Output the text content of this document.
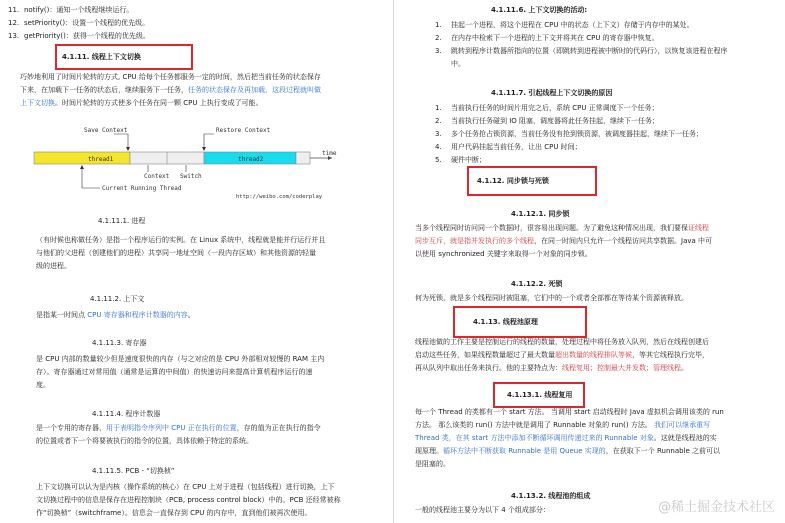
11. notify()：通知一个线程继续运行。
12. setPriority()：设置一个线程的优先级。
13. getPriority()：获得一个线程的优先级。
4.1.11. 线程上下文切换
巧妙地利用了时间片轮转的方式, CPU 给每个任务都服务一定的时间，然后把当前任务的状态保存
下来，在加载下一任务的状态后，继续服务下一任务，任务的状态保存及再加载，这段过程就叫做
上下文切换。时间片轮转的方式使多个任务在同一颗 CPU 上执行变成了可能。
thread1	thread2
time
Save Context	Restore Context
Context Switch
Current Running Thread
http://weibo.com/coderplay
4.1.11.1. 进程
（有时候也称做任务）是指一个程序运行的实例。在 Linux 系统中，线程就是能并行运行并且
与他们的父进程（创建他们的进程）共享同一地址空间（一段内存区域）和其他资源的轻量
级的进程。
4.1.11.2. 上下文
是指某一时间点 CPU 寄存器和程序计数器的内容。
4.1.11.3. 寄存器
是 CPU 内部的数量较少但是速度很快的内存（与之对应的是 CPU 外部相对较慢的 RAM 主内
存）。寄存器通过对常用值（通常是运算的中间值）的快速访问来提高计算机程序运行的速
度。
4.1.11.4. 程序计数器
是一个专用的寄存器，用于表明指令序列中 CPU 正在执行的位置，存的值为正在执行的指令
的位置或者下一个将要被执行的指令的位置，具体依赖于特定的系统。
4.1.11.5. PCB - “切换桢”
上下文切换可以认为是内核（操作系统的核心）在 CPU 上对于进程（包括线程）进行切换，上下
文切换过程中的信息是保存在进程控制块（PCB, process control block）中的。PCB 还经常被称
作“切换桢”（switchframe）。信息会一直保存到 CPU 的内存中，直到他们被再次使用。
4.1.11.6. 上下文切换的活动:
1. 挂起一个进程，将这个进程在 CPU 中的状态（上下文）存储于内存中的某处。
2. 在内存中检索下一个进程的上下文并将其在 CPU 的寄存器中恢复。
3. 跳转到程序计数器所指向的位置（即跳转到进程被中断时的代码行），以恢复该进程在程序
中。
4.1.11.7. 引起线程上下文切换的原因
1. 当前执行任务的时间片用完之后，系统 CPU 正常调度下一个任务；
2. 当前执行任务碰到 IO 阻塞，调度器将此任务挂起，继续下一任务；
3. 多个任务抢占锁资源，当前任务没有抢到锁资源，被调度器挂起，继续下一任务；
4. 用户代码挂起当前任务，让出 CPU 时间；
5. 硬件中断；
4.1.12. 同步锁与死锁
4.1.12.1. 同步锁
当多个线程同时访问同一个数据时，很容易出现问题。为了避免这种情况出现，我们要保证线程
同步互斥，就是指并发执行的多个线程，在同一时间内只允许一个线程访问共享数据。Java 中可
以使用 synchronized 关键字来取得一个对象的同步锁。
4.1.12.2. 死锁
何为死锁，就是多个线程同时被阻塞，它们中的一个或者全部都在等待某个资源被释放。
4.1.13. 线程池原理
线程池做的工作主要是控制运行的线程的数量，处理过程中将任务放入队列，然后在线程创建后
启动这些任务，如果线程数量超过了最大数量超出数量的线程排队等候，等其它线程执行完毕，
再从队列中取出任务来执行。他的主要特点为：线程复用；控制最大并发数；管理线程。
4.1.13.1. 线程复用
每一个 Thread 的类都有一个 start 方法。 当调用 start 启动线程时 Java 虚拟机会调用该类的 run
方法。 那么该类的 run() 方法中就是调用了 Runnable 对象的 run() 方法。 我们可以继承重写
Thread 类，在其 start 方法中添加不断循环调用传递过来的 Runnable 对象。这就是线程池的实
现原理。循环方法中不断获取 Runnable 是用 Queue 实现的，在获取下一个 Runnable 之前可以
是阻塞的。
4.1.13.2. 线程池的组成
一般的线程池主要分为以下 4 个组成部分：	@稀土掘金技术社区
